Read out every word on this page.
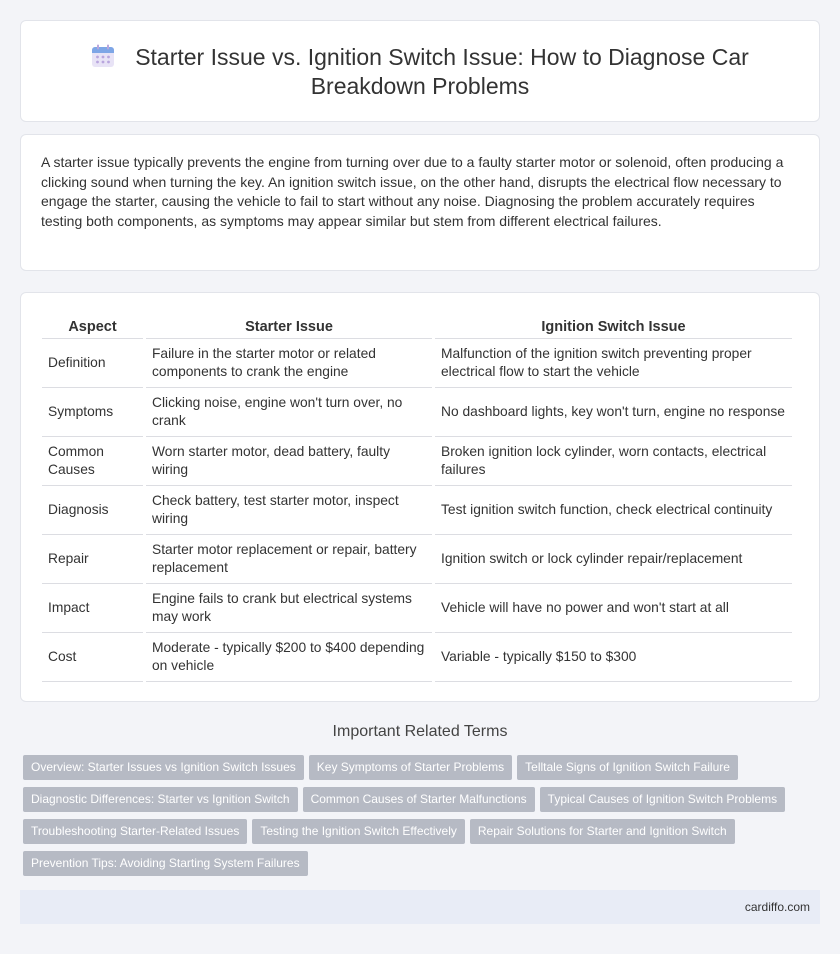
Starter Issue vs. Ignition Switch Issue: How to Diagnose Car Breakdown Problems

A starter issue typically prevents the engine from turning over due to a faulty starter motor or solenoid, often producing a clicking sound when turning the key. An ignition switch issue, on the other hand, disrupts the electrical flow necessary to engage the starter, causing the vehicle to fail to start without any noise. Diagnosing the problem accurately requires testing both components, as symptoms may appear similar but stem from different electrical failures.

Aspect	Starter Issue	Ignition Switch Issue
Definition	Failure in the starter motor or related components to crank the engine	Malfunction of the ignition switch preventing proper electrical flow to start the vehicle
Symptoms	Clicking noise, engine won't turn over, no crank	No dashboard lights, key won't turn, engine no response
Common Causes	Worn starter motor, dead battery, faulty wiring	Broken ignition lock cylinder, worn contacts, electrical failures
Diagnosis	Check battery, test starter motor, inspect wiring	Test ignition switch function, check electrical continuity
Repair	Starter motor replacement or repair, battery replacement	Ignition switch or lock cylinder repair/replacement
Impact	Engine fails to crank but electrical systems may work	Vehicle will have no power and won't start at all
Cost	Moderate - typically $200 to $400 depending on vehicle	Variable - typically $150 to $300
Important Related Terms
Overview: Starter Issues vs Ignition Switch Issues Key Symptoms of Starter Problems Telltale Signs of Ignition Switch Failure
Diagnostic Differences: Starter vs Ignition Switch Common Causes of Starter Malfunctions Typical Causes of Ignition Switch Problems
Troubleshooting Starter-Related Issues Testing the Ignition Switch Effectively Repair Solutions for Starter and Ignition Switch
Prevention Tips: Avoiding Starting System Failures
cardiffo.com
